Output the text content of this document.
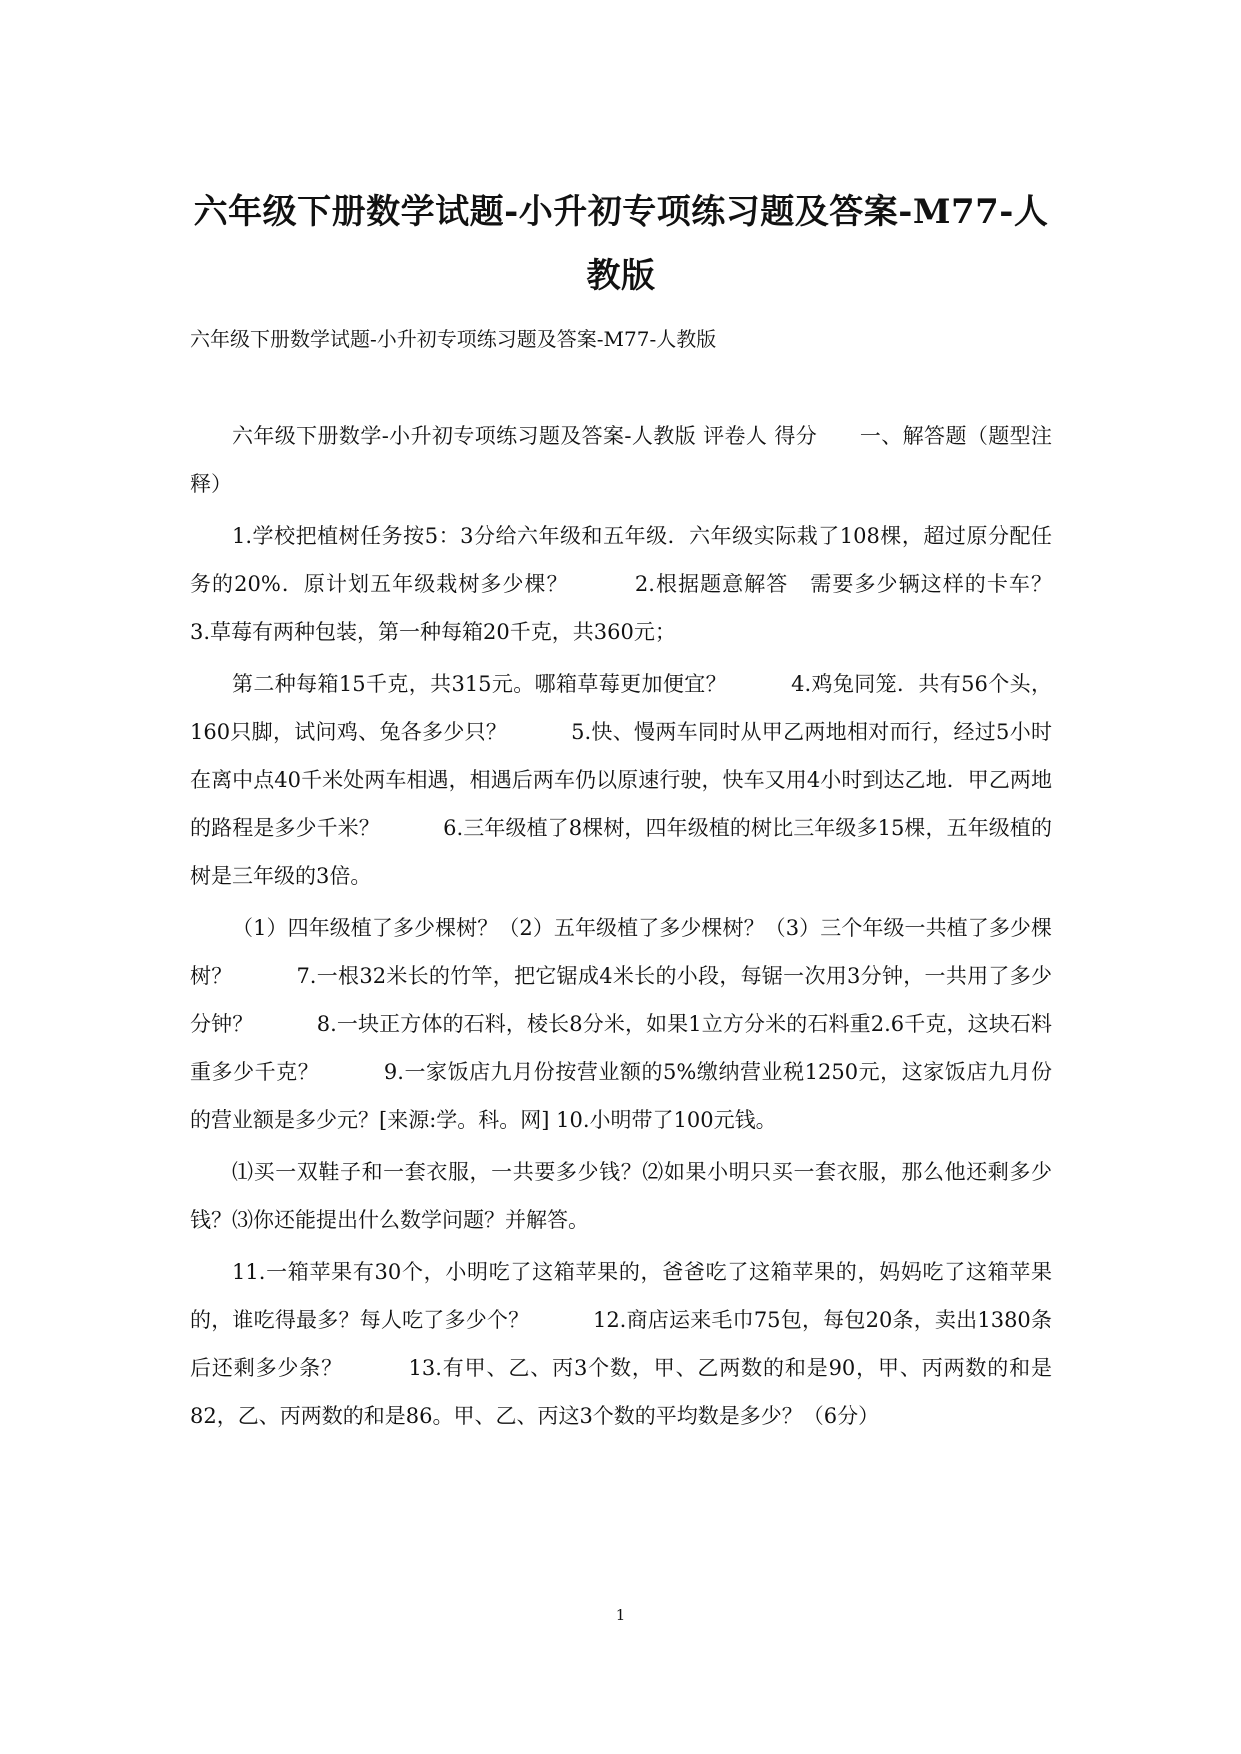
六年级下册数学试题-小升初专项练习题及答案-M77-人教版
六年级下册数学试题-小升初专项练习题及答案-M77-人教版

六年级下册数学-小升初专项练习题及答案-人教版 评卷人 得分　　一、解答题（题型注释）

1.学校把植树任务按5：3分给六年级和五年级．六年级实际栽了108棵，超过原分配任务的20%．原计划五年级栽树多少棵？　　　2.根据题意解答　需要多少辆这样的卡车？　　　3.草莓有两种包装，第一种每箱20千克，共360元；

第二种每箱15千克，共315元。哪箱草莓更加便宜？　　　4.鸡兔同笼．共有56个头，160只脚，试问鸡、兔各多少只？　　　5.快、慢两车同时从甲乙两地相对而行，经过5小时在离中点40千米处两车相遇，相遇后两车仍以原速行驶，快车又用4小时到达乙地．甲乙两地的路程是多少千米？　　　6.三年级植了8棵树，四年级植的树比三年级多15棵，五年级植的树是三年级的3倍。

（1）四年级植了多少棵树？（2）五年级植了多少棵树？（3）三个年级一共植了多少棵树？　　　7.一根32米长的竹竿，把它锯成4米长的小段，每锯一次用3分钟，一共用了多少分钟？　　　8.一块正方体的石料，棱长8分米，如果1立方分米的石料重2.6千克，这块石料重多少千克？　　　9.一家饭店九月份按营业额的5%缴纳营业税1250元，这家饭店九月份的营业额是多少元？[来源:学。科。网] 10.小明带了100元钱。

⑴买一双鞋子和一套衣服，一共要多少钱？⑵如果小明只买一套衣服，那么他还剩多少钱？⑶你还能提出什么数学问题？并解答。

11.一箱苹果有30个，小明吃了这箱苹果的，爸爸吃了这箱苹果的，妈妈吃了这箱苹果的，谁吃得最多？每人吃了多少个？　　　12.商店运来毛巾75包，每包20条，卖出1380条后还剩多少条？　　　13.有甲、乙、丙3个数，甲、乙两数的和是90，甲、丙两数的和是82，乙、丙两数的和是86。甲、乙、丙这3个数的平均数是多少？（6分）

1
